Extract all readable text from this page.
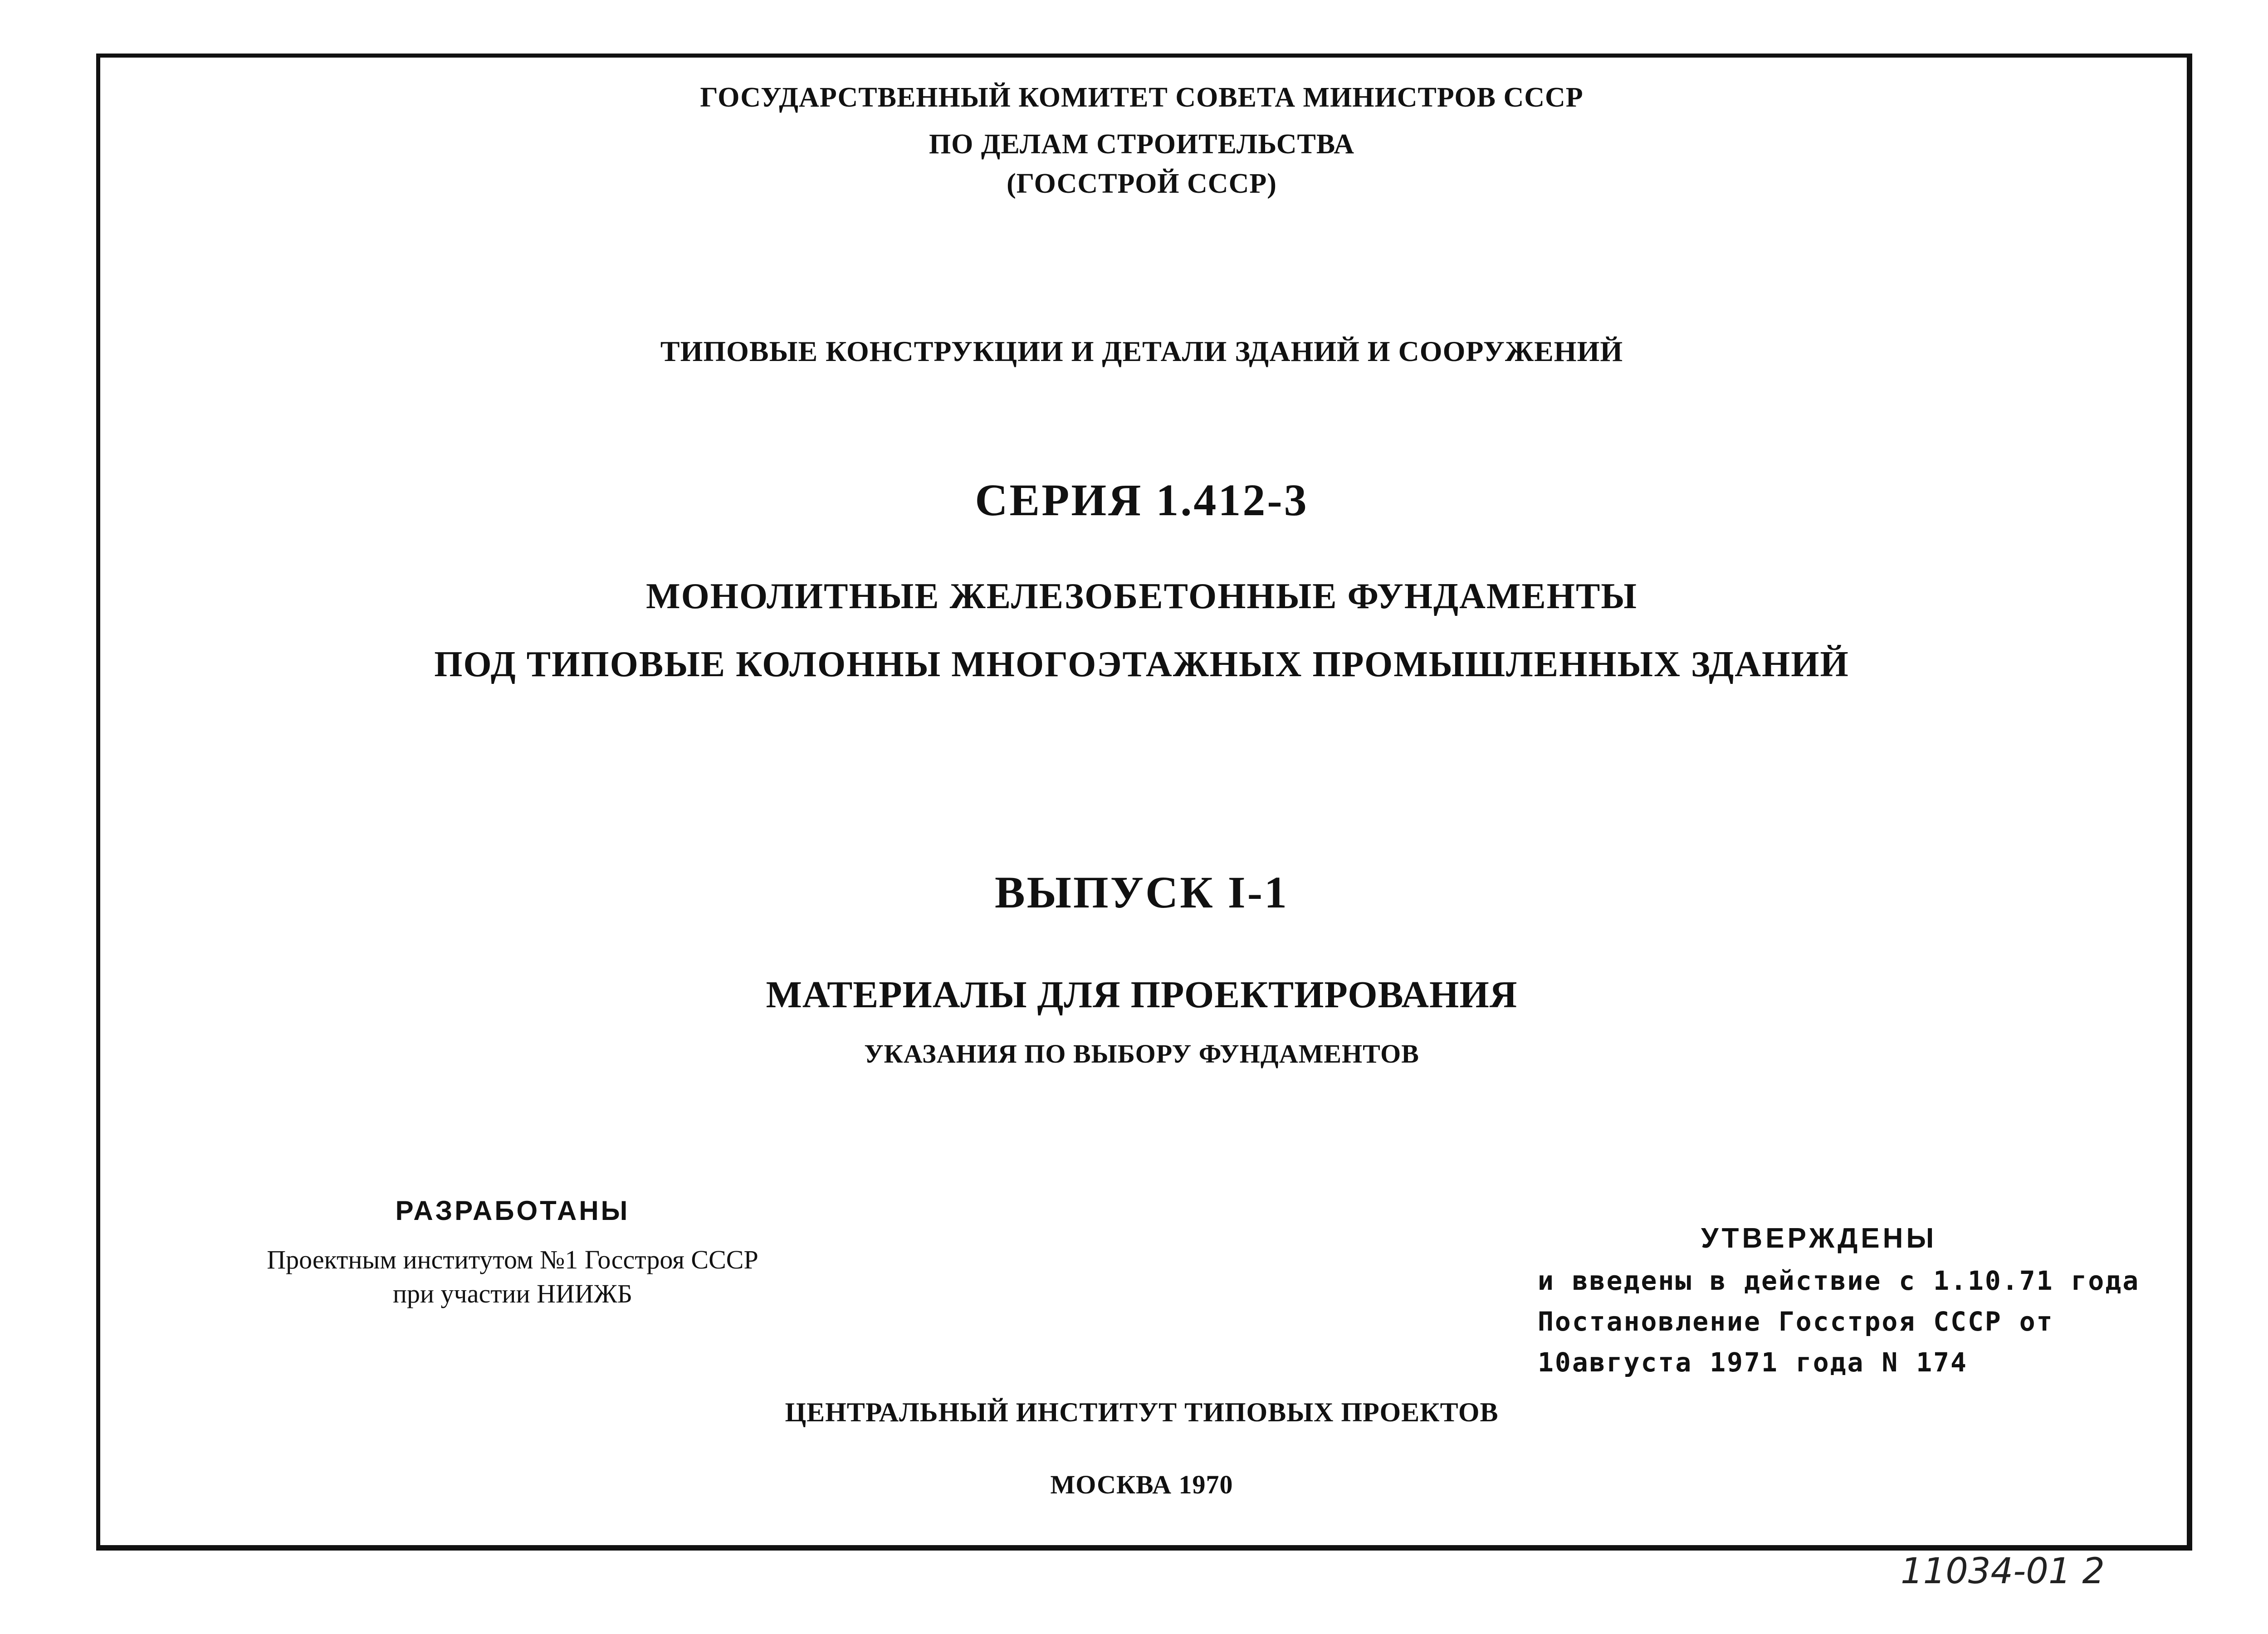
ГОСУДАРСТВЕННЫЙ КОМИТЕТ СОВЕТА МИНИСТРОВ СССР
ПО ДЕЛАМ СТРОИТЕЛЬСТВА
(ГОССТРОЙ СССР)
ТИПОВЫЕ КОНСТРУКЦИИ И ДЕТАЛИ ЗДАНИЙ И СООРУЖЕНИЙ
СЕРИЯ 1.412-3
МОНОЛИТНЫЕ ЖЕЛЕЗОБЕТОННЫЕ ФУНДАМЕНТЫ
ПОД ТИПОВЫЕ КОЛОННЫ МНОГОЭТАЖНЫХ ПРОМЫШЛЕННЫХ ЗДАНИЙ
ВЫПУСК I-1
МАТЕРИАЛЫ ДЛЯ ПРОЕКТИРОВАНИЯ
УКАЗАНИЯ ПО ВЫБОРУ ФУНДАМЕНТОВ
РАЗРАБОТАНЫ
Проектным институтом №1 Госстроя СССР
при участии НИИЖБ
УТВЕРЖДЕНЫ
и введены в действие с 1.10.71 года
Постановление Госстроя СССР от
10августа 1971 года N 174
ЦЕНТРАЛЬНЫЙ ИНСТИТУТ ТИПОВЫХ ПРОЕКТОВ
МОСКВА 1970
11034-01 2
